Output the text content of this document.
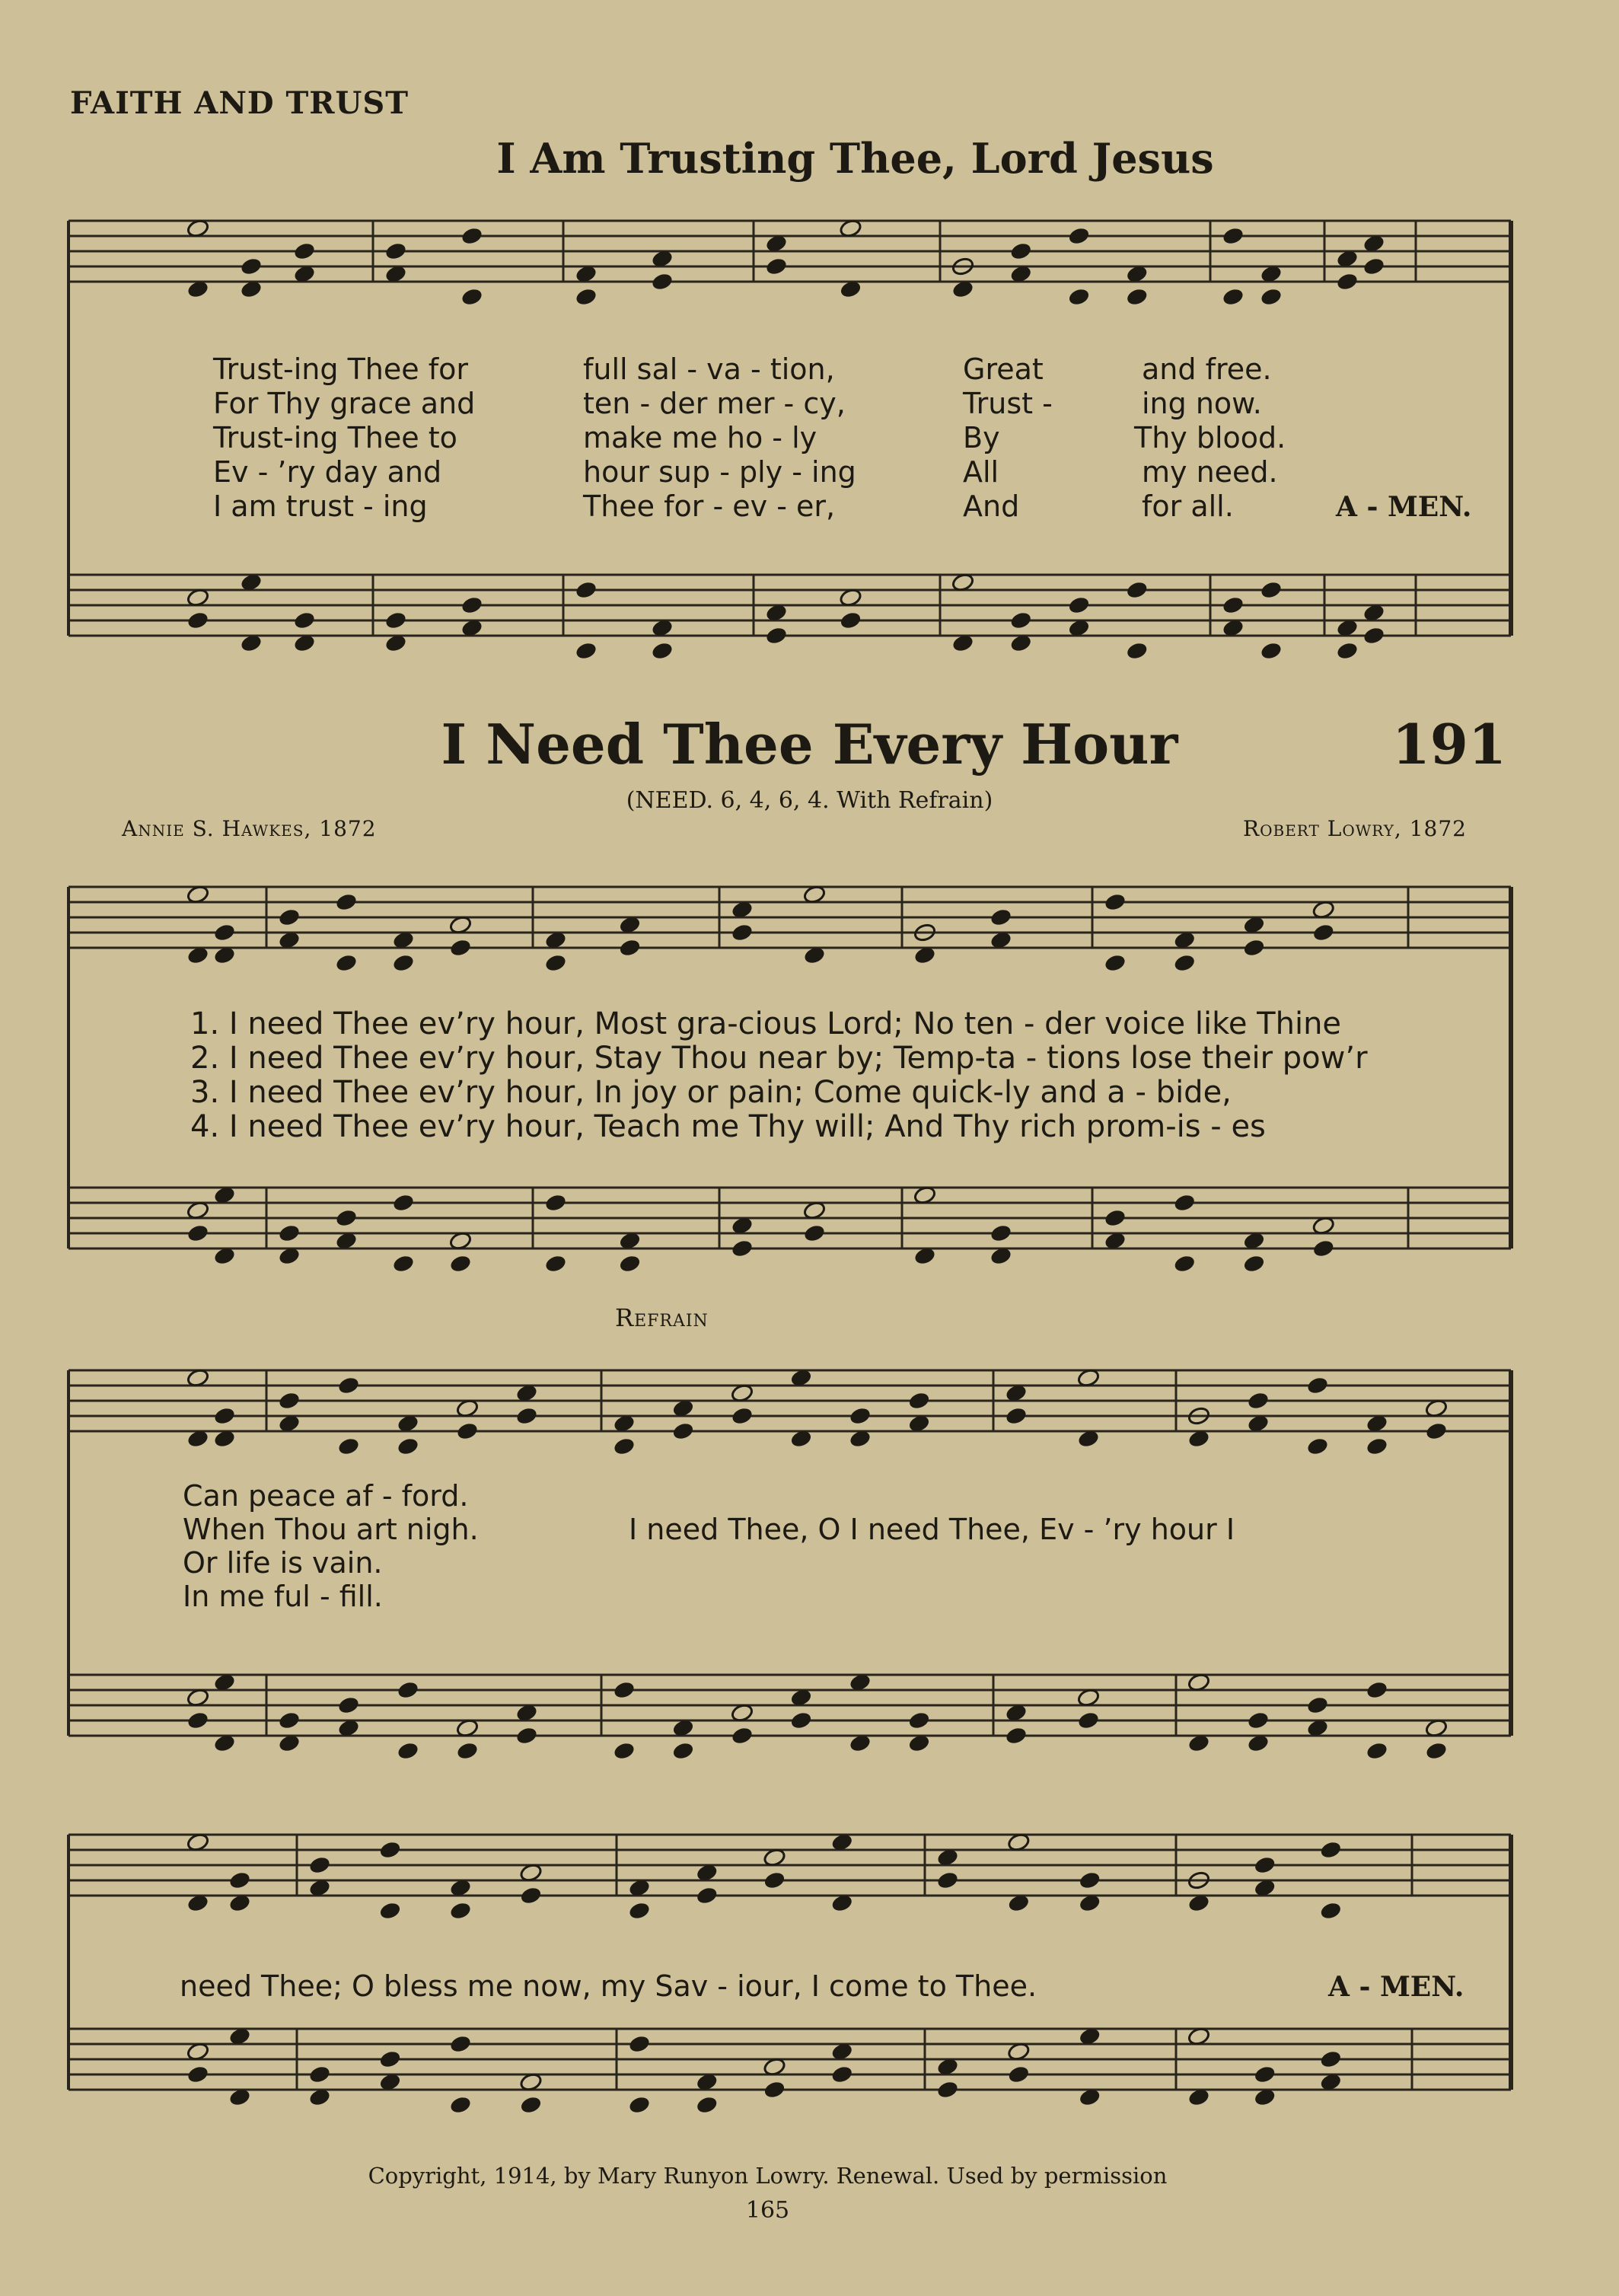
FAITH AND TRUST
I Am Trusting Thee, Lord Jesus
Trust-ing Thee for	full sal - va - tion,	Great	and free.
For Thy grace and	ten - der mer - cy,	Trust -	ing now.
Trust-ing Thee to	make me ho - ly	By	Thy blood.
Ev - ’ry day and	hour sup - ply - ing	All	my need.
I am trust - ing	Thee for - ev - er,	And	for all.	A - MEN.
I Need Thee Every Hour	191
(NEED. 6, 4, 6, 4. With Refrain)
Annie S. Hawkes, 1872	Robert Lowry, 1872
1. I need Thee ev’ry hour, Most gra-cious Lord; No ten - der voice like Thine
2. I need Thee ev’ry hour, Stay Thou near by; Temp-ta - tions lose their pow’r
3. I need Thee ev’ry hour, In joy or pain; Come quick-ly and a - bide,
4. I need Thee ev’ry hour, Teach me Thy will; And Thy rich prom-is - es
Refrain
Can peace af - ford.
When Thou art nigh.
Or life is vain.
In me ful - fill.
I need Thee, O I need Thee, Ev - ’ry hour I
need Thee; O bless me now, my Sav - iour, I come to Thee.	A - MEN.
Copyright, 1914, by Mary Runyon Lowry. Renewal. Used by permission
165
